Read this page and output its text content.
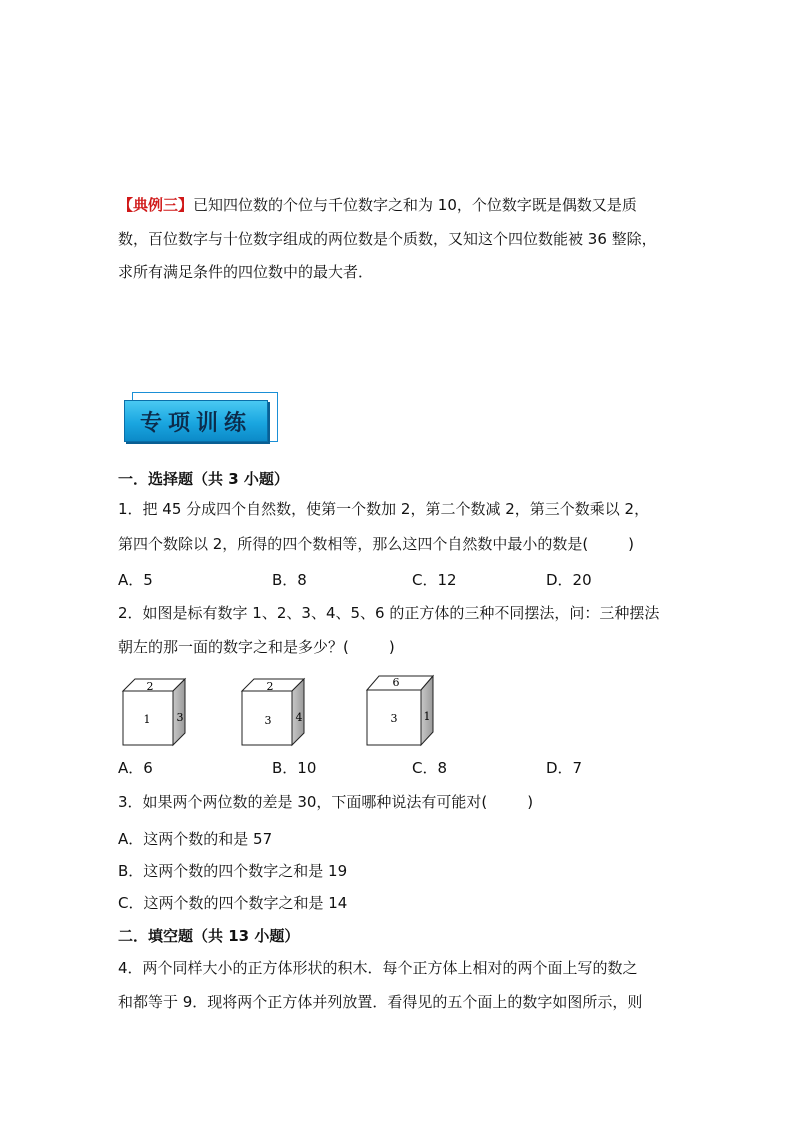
【典例三】已知四位数的个位与千位数字之和为 10，个位数字既是偶数又是质
数，百位数字与十位数字组成的两位数是个质数，又知这个四位数能被 36 整除，
求所有满足条件的四位数中的最大者．
专项训练
一．选择题（共 3 小题）
1．把 45 分成四个自然数，使第一个数加 2，第二个数减 2，第三个数乘以 2，
第四个数除以 2，所得的四个数相等，那么这四个自然数中最小的数是(	)
A．5	B．8	C．12	D．20
2．如图是标有数字 1、2、3、4、5、6 的正方体的三种不同摆法，问：三种摆法
朝左的那一面的数字之和是多少？(	)
2
1 3
2
3 4
6
3 1
A．6	B．10	C．8	D．7
3．如果两个两位数的差是 30，下面哪种说法有可能对(	)
A．这两个数的和是 57
B．这两个数的四个数字之和是 19
C．这两个数的四个数字之和是 14
二．填空题（共 13 小题）
4．两个同样大小的正方体形状的积木．每个正方体上相对的两个面上写的数之
和都等于 9．现将两个正方体并列放置．看得见的五个面上的数字如图所示，则
